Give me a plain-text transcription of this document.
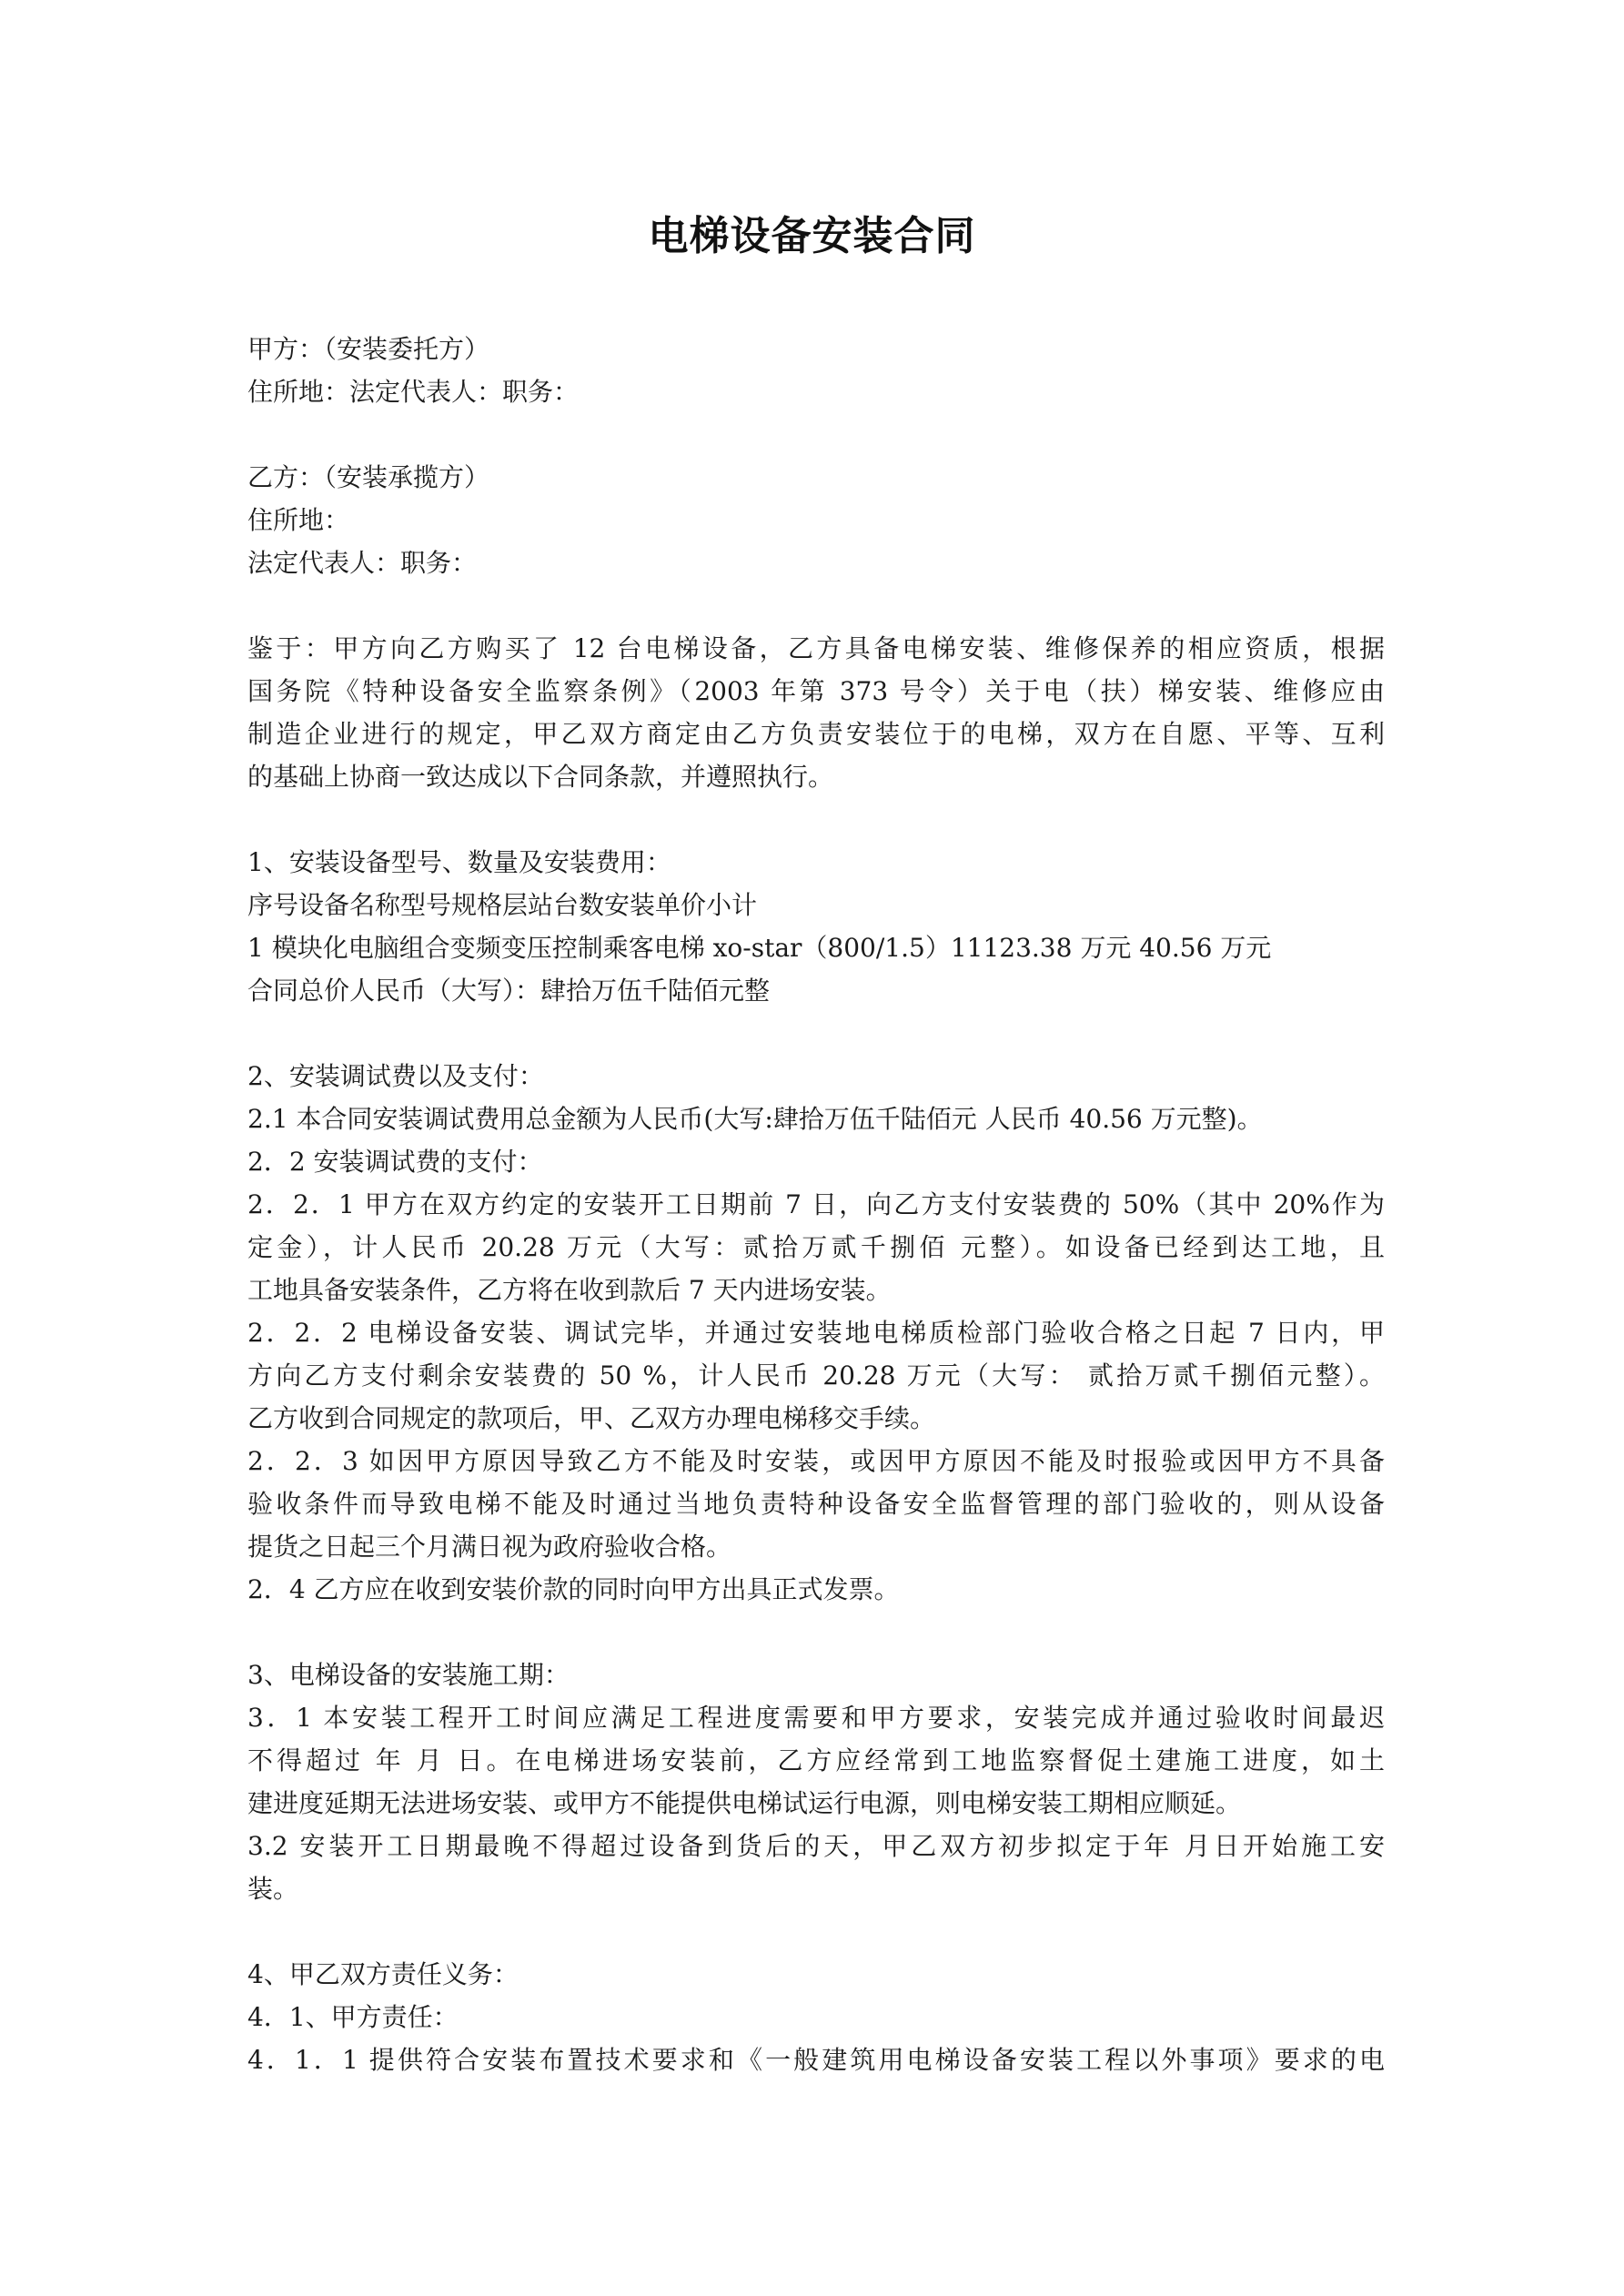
电梯设备安装合同
甲方：（安装委托方）
住所地：法定代表人：职务：
乙方：（安装承揽方）
住所地：
法定代表人：职务：
鉴于：甲方向乙方购买了 12 台电梯设备，乙方具备电梯安装、维修保养的相应资质，根据
国务院《特种设备安全监察条例》（2003 年第 373 号令）关于电（扶）梯安装、维修应由
制造企业进行的规定，甲乙双方商定由乙方负责安装位于的电梯，双方在自愿、平等、互利
的基础上协商一致达成以下合同条款，并遵照执行。
1、安装设备型号、数量及安装费用：
序号设备名称型号规格层站台数安装单价小计
1 模块化电脑组合变频变压控制乘客电梯 xo-star（800/1.5）11123.38 万元 40.56 万元
合同总价人民币（大写）：肆拾万伍千陆佰元整
2、安装调试费以及支付：
2.1 本合同安装调试费用总金额为人民币(大写:肆拾万伍千陆佰元 人民币 40.56 万元整)。
2．2 安装调试费的支付：
2．2．1 甲方在双方约定的安装开工日期前 7 日，向乙方支付安装费的 50%（其中 20%作为
定金），计人民币 20.28 万元（大写：贰拾万贰千捌佰 元整）。如设备已经到达工地，且
工地具备安装条件，乙方将在收到款后 7 天内进场安装。
2．2．2 电梯设备安装、调试完毕，并通过安装地电梯质检部门验收合格之日起 7 日内，甲
方向乙方支付剩余安装费的 50 %，计人民币 20.28 万元（大写： 贰拾万贰千捌佰元整）。
乙方收到合同规定的款项后，甲、乙双方办理电梯移交手续。
2．2．3 如因甲方原因导致乙方不能及时安装，或因甲方原因不能及时报验或因甲方不具备
验收条件而导致电梯不能及时通过当地负责特种设备安全监督管理的部门验收的，则从设备
提货之日起三个月满日视为政府验收合格。
2．4 乙方应在收到安装价款的同时向甲方出具正式发票。
3、电梯设备的安装施工期：
3．1 本安装工程开工时间应满足工程进度需要和甲方要求，安装完成并通过验收时间最迟
不得超过 年 月 日。在电梯进场安装前，乙方应经常到工地监察督促土建施工进度，如土
建进度延期无法进场安装、或甲方不能提供电梯试运行电源，则电梯安装工期相应顺延。
3.2 安装开工日期最晚不得超过设备到货后的天，甲乙双方初步拟定于年 月日开始施工安
装。
4、甲乙双方责任义务：
4．1、甲方责任：
4．1．1 提供符合安装布置技术要求和《一般建筑用电梯设备安装工程以外事项》要求的电
